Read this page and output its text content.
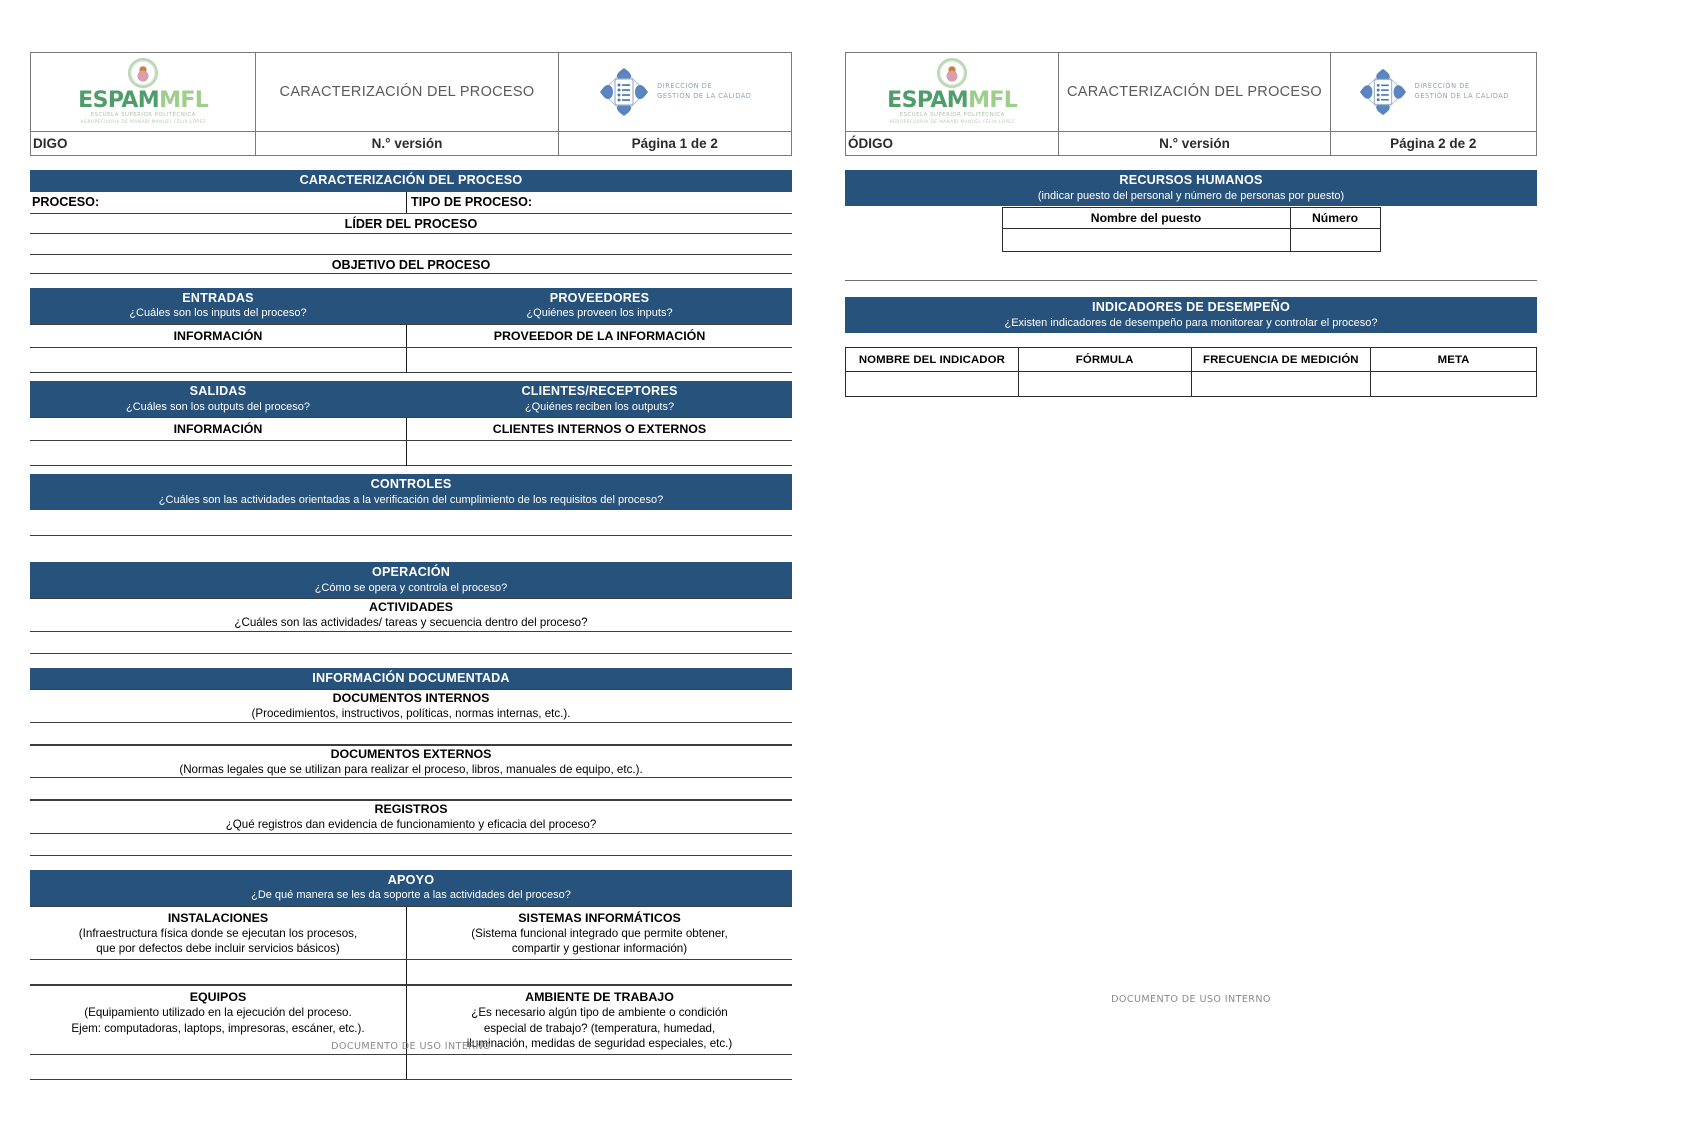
ESPAMMFL
ESCUELA SUPERIOR POLITÉCNICA
AGROPECUARIA DE MANABÍ MANUEL FÉLIX LÓPEZ
CARACTERIZACIÓN DEL PROCESO	DIRECCIÓN DE
GESTIÓN DE LA CALIDAD
DIGO	N.° versión	Página 1 de 2
CARACTERIZACIÓN DEL PROCESO
PROCESO:	TIPO DE PROCESO:
LÍDER DEL PROCESO
OBJETIVO DEL PROCESO
ENTRADAS
¿Cuáles son los inputs del proceso?
PROVEEDORES
¿Quiénes proveen los inputs?
INFORMACIÓN	PROVEEDOR DE LA INFORMACIÓN
SALIDAS
¿Cuáles son los outputs del proceso?
CLIENTES/RECEPTORES
¿Quiénes reciben los outputs?
INFORMACIÓN	CLIENTES INTERNOS O EXTERNOS
CONTROLES
¿Cuáles son las actividades orientadas a la verificación del cumplimiento de los requisitos del proceso?
OPERACIÓN
¿Cómo se opera y controla el proceso?
ACTIVIDADES
¿Cuáles son las actividades/ tareas y secuencia dentro del proceso?
INFORMACIÓN DOCUMENTADA
DOCUMENTOS INTERNOS
(Procedimientos, instructivos, políticas, normas internas, etc.).
DOCUMENTOS EXTERNOS
(Normas legales que se utilizan para realizar el proceso, libros, manuales de equipo, etc.).
REGISTROS
¿Qué registros dan evidencia de funcionamiento y eficacia del proceso?
APOYO
¿De qué manera se les da soporte a las actividades del proceso?
INSTALACIONES
(Infraestructura física donde se ejecutan los procesos,
que por defectos debe incluir servicios básicos)
SISTEMAS INFORMÁTICOS
(Sistema funcional integrado que permite obtener,
compartir y gestionar información)
EQUIPOS
(Equipamiento utilizado en la ejecución del proceso.
Ejem: computadoras, laptops, impresoras, escáner, etc.).
AMBIENTE DE TRABAJO
¿Es necesario algún tipo de ambiente o condición
especial de trabajo? (temperatura, humedad,
iluminación, medidas de seguridad especiales, etc.)
ESPAMMFL
ESCUELA SUPERIOR POLITÉCNICA
AGROPECUARIA DE MANABÍ MANUEL FÉLIX LÓPEZ
CARACTERIZACIÓN DEL PROCESO	DIRECCIÓN DE
GESTIÓN DE LA CALIDAD
ÓDIGO	N.° versión	Página 2 de 2
RECURSOS HUMANOS
(indicar puesto del personal y número de personas por puesto)
Nombre del puesto	Número

INDICADORES DE DESEMPEÑO
¿Existen indicadores de desempeño para monitorear y controlar el proceso?
NOMBRE DEL INDICADOR	FÓRMULA	FRECUENCIA DE MEDICIÓN	META

DOCUMENTO DE USO INTERNO
DOCUMENTO DE USO INTERNO
